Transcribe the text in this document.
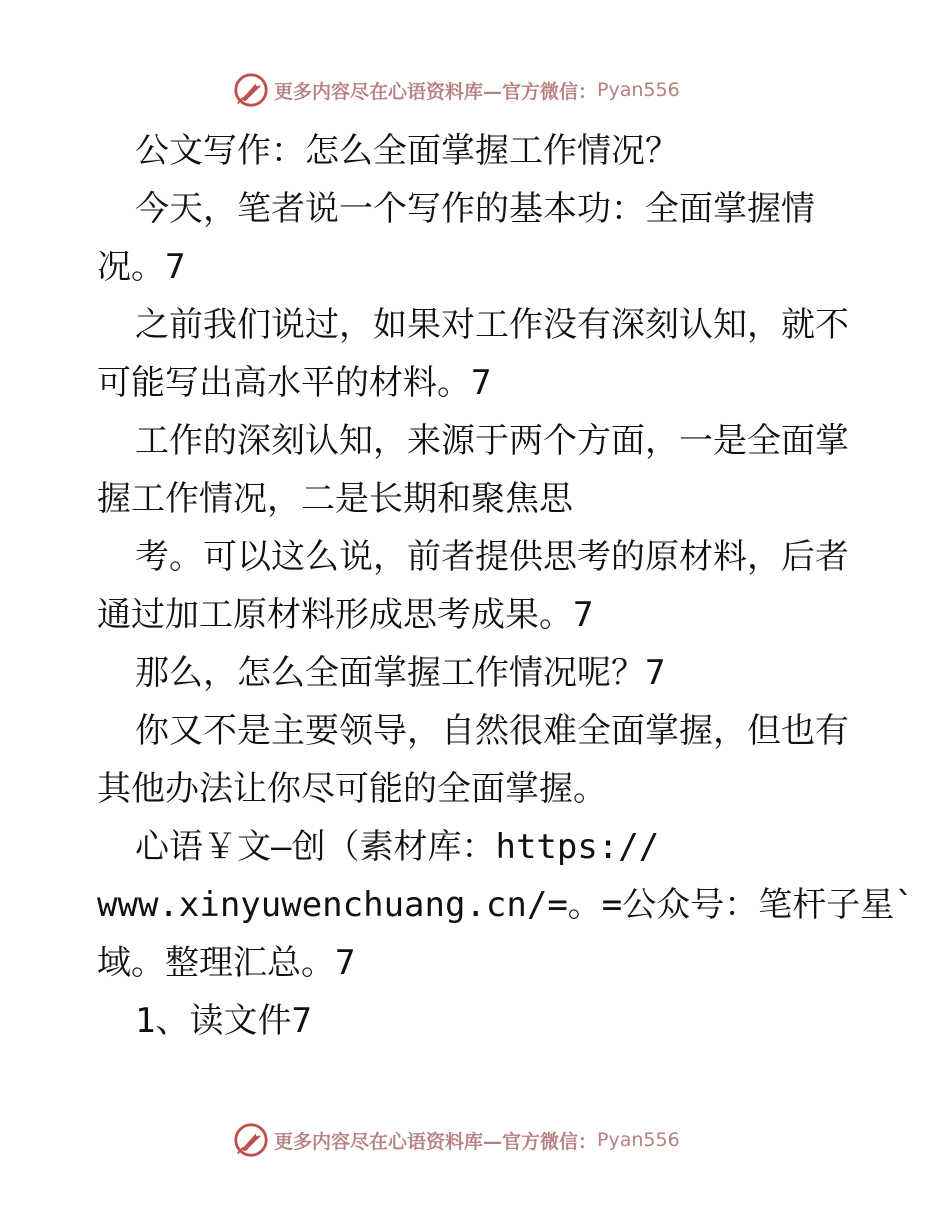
更多内容尽在心语资料库—官方微信： Pyan556
公文写作：怎么全面掌握工作情况？
今天，笔者说一个写作的基本功：全面掌握情
况。7
之前我们说过，如果对工作没有深刻认知，就不
可能写出高水平的材料。7
工作的深刻认知，来源于两个方面，一是全面掌
握工作情况，二是长期和聚焦思
考。可以这么说，前者提供思考的原材料，后者
通过加工原材料形成思考成果。7
那么，怎么全面掌握工作情况呢？7
你又不是主要领导，自然很难全面掌握，但也有
其他办法让你尽可能的全面掌握。
心语￥文—创（素材库：https://
www.xinyuwenchuang.cn/=。=公众号：笔杆子星`
域。整理汇总。7
1、读文件7
更多内容尽在心语资料库—官方微信： Pyan556
